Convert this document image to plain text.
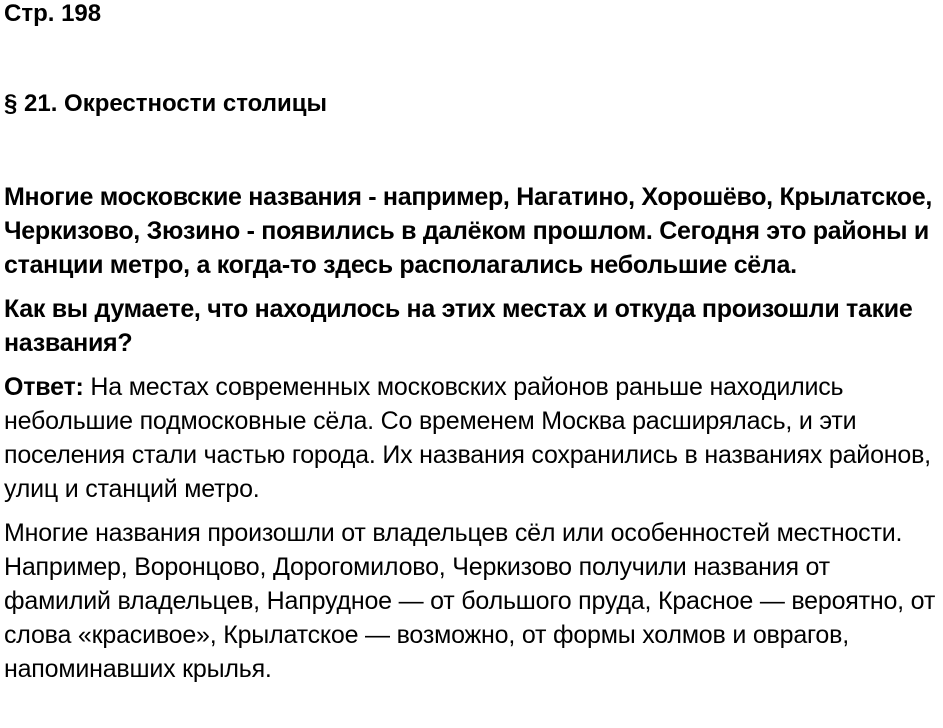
Стр. 198
§ 21. Окрестности столицы

Многие московские названия - например, Нагатино, Хорошёво, Крылатское, Черкизово, Зюзино - появились в далёком прошлом. Сегодня это районы и станции метро, а когда-то здесь располагались небольшие сёла.

Как вы думаете, что находилось на этих местах и откуда произошли такие названия?

Ответ: На местах современных московских районов раньше находились небольшие подмосковные сёла. Со временем Москва расширялась, и эти поселения стали частью города. Их названия сохранились в названиях районов, улиц и станций метро.

Многие названия произошли от владельцев сёл или особенностей местности. Например, Воронцово, Дорогомилово, Черкизово получили названия от фамилий владельцев, Напрудное — от большого пруда, Красное — вероятно, от слова «красивое», Крылатское — возможно, от формы холмов и оврагов, напоминавших крылья.
